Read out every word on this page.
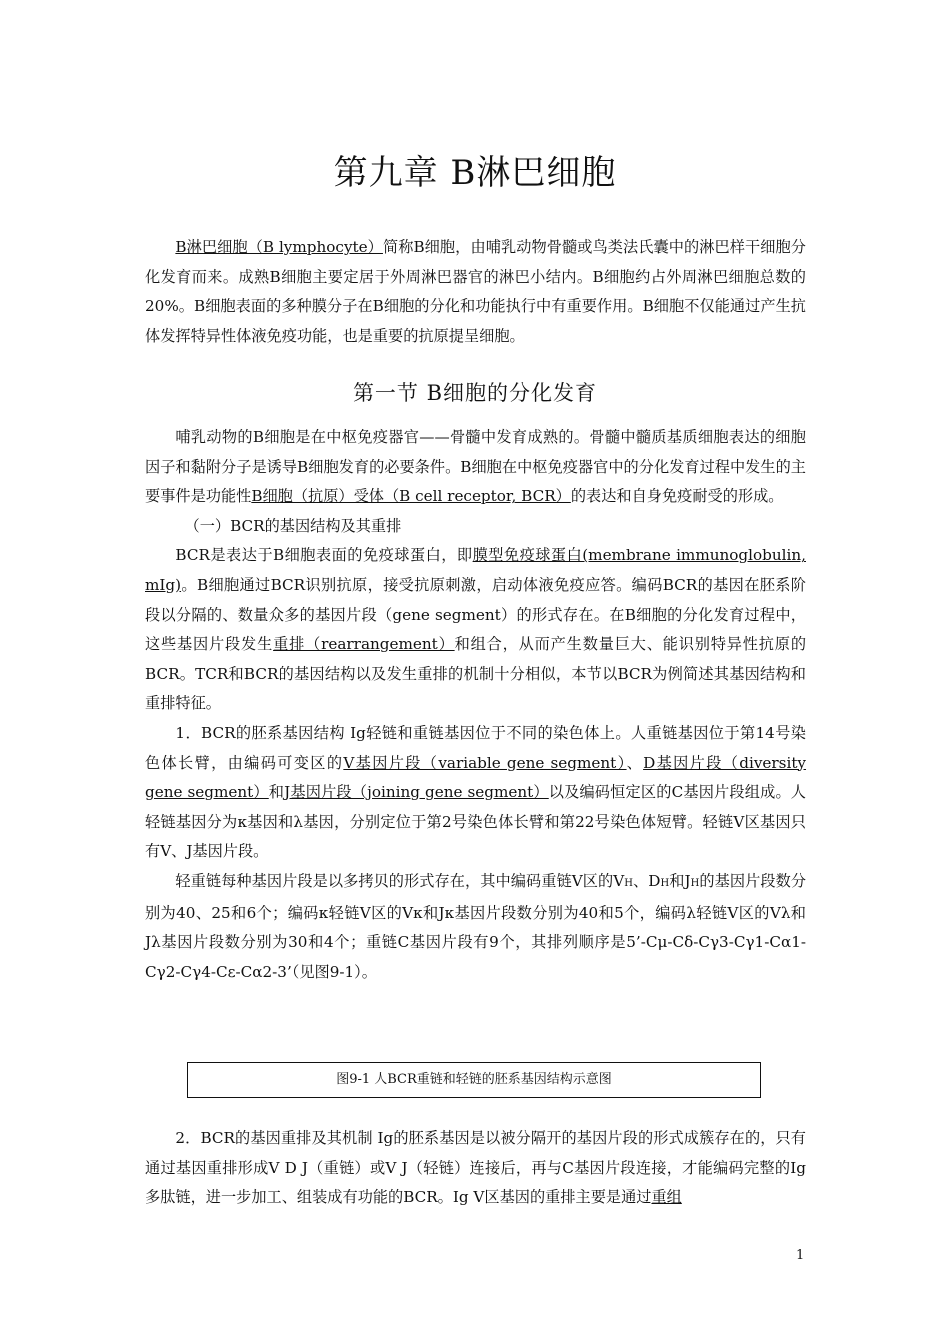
第九章 B淋巴细胞

B淋巴细胞（B lymphocyte）简称B细胞，由哺乳动物骨髓或鸟类法氏囊中的淋巴样干细胞分化发育而来。成熟B细胞主要定居于外周淋巴器官的淋巴小结内。B细胞约占外周淋巴细胞总数的20%。B细胞表面的多种膜分子在B细胞的分化和功能执行中有重要作用。B细胞不仅能通过产生抗体发挥特异性体液免疫功能，也是重要的抗原提呈细胞。

第一节 B细胞的分化发育

哺乳动物的B细胞是在中枢免疫器官——骨髓中发育成熟的。骨髓中髓质基质细胞表达的细胞因子和黏附分子是诱导B细胞发育的必要条件。B细胞在中枢免疫器官中的分化发育过程中发生的主要事件是功能性B细胞（抗原）受体（B cell receptor, BCR）的表达和自身免疫耐受的形成。

（一）BCR的基因结构及其重排

BCR是表达于B细胞表面的免疫球蛋白，即膜型免疫球蛋白(membrane immunoglobulin, mIg)。B细胞通过BCR识别抗原，接受抗原刺激，启动体液免疫应答。编码BCR的基因在胚系阶段以分隔的、数量众多的基因片段（gene segment）的形式存在。在B细胞的分化发育过程中，这些基因片段发生重排（rearrangement）和组合，从而产生数量巨大、能识别特异性抗原的BCR。TCR和BCR的基因结构以及发生重排的机制十分相似，本节以BCR为例简述其基因结构和重排特征。

1．BCR的胚系基因结构 Ig轻链和重链基因位于不同的染色体上。人重链基因位于第14号染色体长臂，由编码可变区的V基因片段（variable gene segment）、D基因片段（diversity gene segment）和J基因片段（joining gene segment）以及编码恒定区的C基因片段组成。人轻链基因分为κ基因和λ基因，分别定位于第2号染色体长臂和第22号染色体短臂。轻链V区基因只有V、J基因片段。

轻重链每种基因片段是以多拷贝的形式存在，其中编码重链V区的VH、DH和JH的基因片段数分别为40、25和6个；编码κ轻链V区的Vκ和Jκ基因片段数分别为40和5个，编码λ轻链V区的Vλ和Jλ基因片段数分别为30和4个；重链C基因片段有9个，其排列顺序是5’-Cμ-Cδ-Cγ3-Cγ1-Cα1-Cγ2-Cγ4-Cε-Cα2-3’（见图9-1）。

图9-1 人BCR重链和轻链的胚系基因结构示意图

2．BCR的基因重排及其机制 Ig的胚系基因是以被分隔开的基因片段的形式成簇存在的，只有通过基因重排形成V D J（重链）或V J（轻链）连接后，再与C基因片段连接，才能编码完整的Ig多肽链，进一步加工、组装成有功能的BCR。Ig V区基因的重排主要是通过重组

1
